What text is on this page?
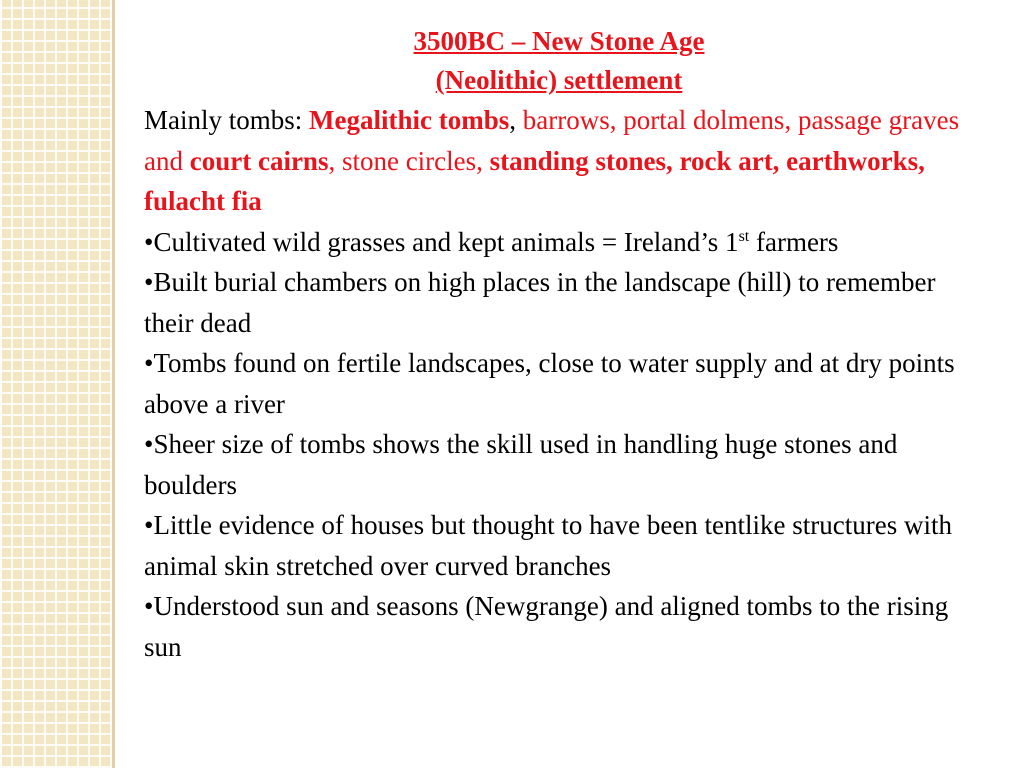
3500BC – New Stone Age
(Neolithic) settlement

Mainly tombs: Megalithic tombs, barrows, portal dolmens, passage graves and court cairns, stone circles, standing stones, rock art, earthworks, fulacht fia

•Cultivated wild grasses and kept animals = Ireland’s 1st farmers

•Built burial chambers on high places in the landscape (hill) to remember their dead

•Tombs found on fertile landscapes, close to water supply and at dry points above a river

•Sheer size of tombs shows the skill used in handling huge stones and boulders

•Little evidence of houses but thought to have been tentlike structures with animal skin stretched over curved branches

•Understood sun and seasons (Newgrange) and aligned tombs to the rising sun
